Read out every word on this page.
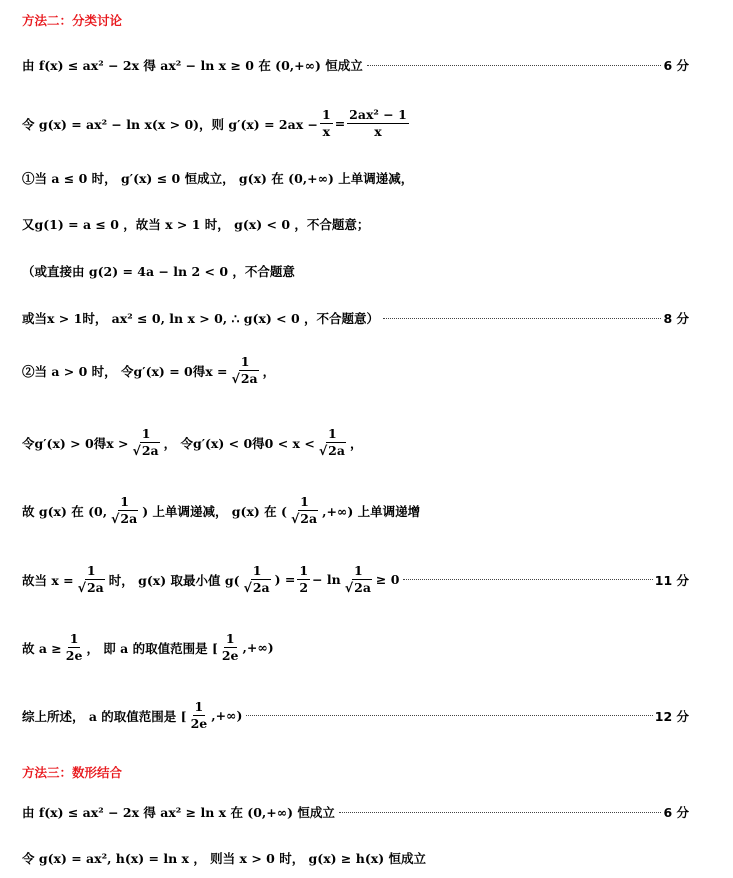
方法二：分类讨论
由 f(x) ≤ ax² − 2x 得 ax² − ln x ≥ 0 在 (0,+∞) 恒成立	6 分
令 g(x) = ax² − ln x(x > 0)，则 $g'(x) = 2ax - \frac{1}{x} = \frac{\text{2ax² − 1}}{x}$
①当 a ≤ 0 时， g′(x) ≤ 0 恒成立， g(x) 在 (0,+∞) 上单调递减，
又g(1) = a ≤ 0 ，故当 x > 1 时， g(x) < 0 ，不合题意；
（或直接由 g(2) = 4a − ln 2 < 0 ，不合题意
或当x > 1时， ax² ≤ 0, ln x > 0, ∴ g(x) < 0 ，不合题意）	8 分
②当 a > 0 时， 令g′(x) = 0得$x = \frac{1}{√2a}$ ，
令g′(x) > 0得$x > \frac{1}{√2a}$ ， 令g′(x) < 0得$0 < x < \frac{1}{√2a}$ ，
故 g(x) 在 (0, $\frac{1}{√2a}$ ) 上单调递减， g(x) 在 ( $\frac{1}{√2a}$ ,+∞) 上单调递增
故当 $x = \frac{1}{√2a}$ 时， g(x) 取最小值 $g( \frac{1}{√2a}$ ) = $\frac{1}{2} - \ln \frac{1}{√2a} \ge 0$	11 分
故 $a \ge \frac{1}{2e}$ ， 即 a 的取值范围是 [ $\frac{1}{2e}$ ,+∞)
综上所述， a 的取值范围是 [ $\frac{1}{2e}$ ,+∞)	12 分
方法三：数形结合
由 f(x) ≤ ax² − 2x 得 ax² ≥ ln x 在 (0,+∞) 恒成立	6 分
令 g(x) = ax², h(x) = ln x ， 则当 x > 0 时， g(x) ≥ h(x) 恒成立
